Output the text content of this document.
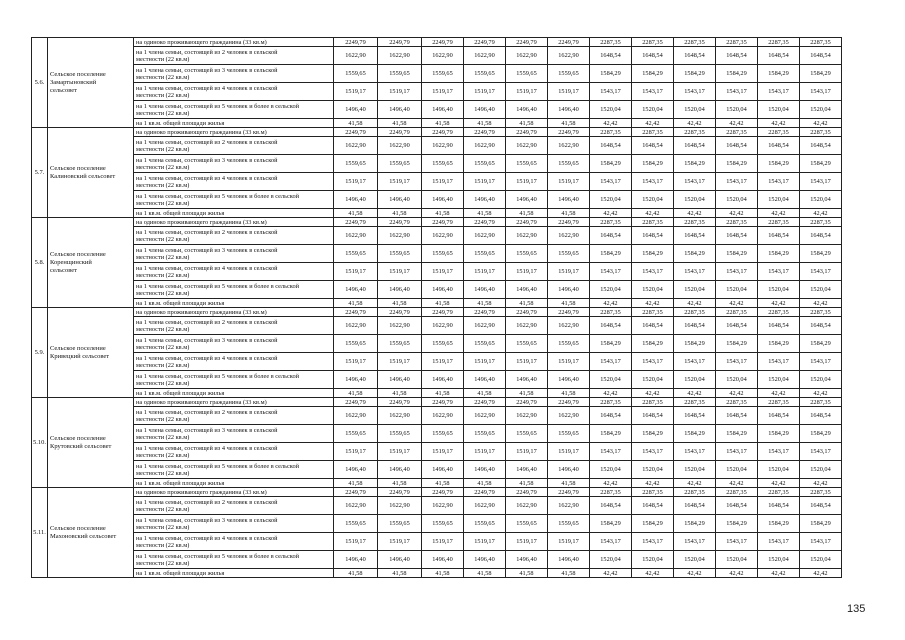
5.6.	Сельское поселение
Замартыновский
сельсовет	на одиноко проживающего гражданина (33 кв.м)	2249,79	2249,79	2249,79	2249,79	2249,79	2249,79	2287,35	2287,35	2287,35	2287,35	2287,35	2287,35

		на 1 члена семьи, состоящей из 2 человек в сельской
местности (22 кв.м)	1622,90	1622,90	1622,90	1622,90	1622,90	1622,90	1648,54	1648,54	1648,54	1648,54	1648,54	1648,54

		на 1 члена семьи, состоящей из 3 человек в сельской
местности (22 кв.м)	1559,65	1559,65	1559,65	1559,65	1559,65	1559,65	1584,29	1584,29	1584,29	1584,29	1584,29	1584,29

		на 1 члена семьи, состоящей из 4 человек в сельской
местности (22 кв.м)	1519,17	1519,17	1519,17	1519,17	1519,17	1519,17	1543,17	1543,17	1543,17	1543,17	1543,17	1543,17

		на 1 члена семьи, состоящей из 5 человек и более в сельской
местности (22 кв.м)	1496,40	1496,40	1496,40	1496,40	1496,40	1496,40	1520,04	1520,04	1520,04	1520,04	1520,04	1520,04

		на 1 кв.м. общей площади жилья	41,58	41,58	41,58	41,58	41,58	41,58	42,42	42,42	42,42	42,42	42,42	42,42
5.7.	Сельское поселение
Калиновский сельсовет	на одиноко проживающего гражданина (33 кв.м)	2249,79	2249,79	2249,79	2249,79	2249,79	2249,79	2287,35	2287,35	2287,35	2287,35	2287,35	2287,35

		на 1 члена семьи, состоящей из 2 человек в сельской
местности (22 кв.м)	1622,90	1622,90	1622,90	1622,90	1622,90	1622,90	1648,54	1648,54	1648,54	1648,54	1648,54	1648,54

		на 1 члена семьи, состоящей из 3 человек в сельской
местности (22 кв.м)	1559,65	1559,65	1559,65	1559,65	1559,65	1559,65	1584,29	1584,29	1584,29	1584,29	1584,29	1584,29

		на 1 члена семьи, состоящей из 4 человек в сельской
местности (22 кв.м)	1519,17	1519,17	1519,17	1519,17	1519,17	1519,17	1543,17	1543,17	1543,17	1543,17	1543,17	1543,17

		на 1 члена семьи, состоящей из 5 человек и более в сельской
местности (22 кв.м)	1496,40	1496,40	1496,40	1496,40	1496,40	1496,40	1520,04	1520,04	1520,04	1520,04	1520,04	1520,04

		на 1 кв.м. общей площади жилья	41,58	41,58	41,58	41,58	41,58	41,58	42,42	42,42	42,42	42,42	42,42	42,42
5.8.	Сельское поселение
Коренщинский
сельсовет	на одиноко проживающего гражданина (33 кв.м)	2249,79	2249,79	2249,79	2249,79	2249,79	2249,79	2287,35	2287,35	2287,35	2287,35	2287,35	2287,35

		на 1 члена семьи, состоящей из 2 человек в сельской
местности (22 кв.м)	1622,90	1622,90	1622,90	1622,90	1622,90	1622,90	1648,54	1648,54	1648,54	1648,54	1648,54	1648,54

		на 1 члена семьи, состоящей из 3 человек в сельской
местности (22 кв.м)	1559,65	1559,65	1559,65	1559,65	1559,65	1559,65	1584,29	1584,29	1584,29	1584,29	1584,29	1584,29

		на 1 члена семьи, состоящей из 4 человек в сельской
местности (22 кв.м)	1519,17	1519,17	1519,17	1519,17	1519,17	1519,17	1543,17	1543,17	1543,17	1543,17	1543,17	1543,17

		на 1 члена семьи, состоящей из 5 человек и более в сельской
местности (22 кв.м)	1496,40	1496,40	1496,40	1496,40	1496,40	1496,40	1520,04	1520,04	1520,04	1520,04	1520,04	1520,04

		на 1 кв.м. общей площади жилья	41,58	41,58	41,58	41,58	41,58	41,58	42,42	42,42	42,42	42,42	42,42	42,42
5.9.	Сельское поселение
Кривецкий сельсовет	на одиноко проживающего гражданина (33 кв.м)	2249,79	2249,79	2249,79	2249,79	2249,79	2249,79	2287,35	2287,35	2287,35	2287,35	2287,35	2287,35

		на 1 члена семьи, состоящей из 2 человек в сельской
местности (22 кв.м)	1622,90	1622,90	1622,90	1622,90	1622,90	1622,90	1648,54	1648,54	1648,54	1648,54	1648,54	1648,54

		на 1 члена семьи, состоящей из 3 человек в сельской
местности (22 кв.м)	1559,65	1559,65	1559,65	1559,65	1559,65	1559,65	1584,29	1584,29	1584,29	1584,29	1584,29	1584,29

		на 1 члена семьи, состоящей из 4 человек в сельской
местности (22 кв.м)	1519,17	1519,17	1519,17	1519,17	1519,17	1519,17	1543,17	1543,17	1543,17	1543,17	1543,17	1543,17

		на 1 члена семьи, состоящей из 5 человек и более в сельской
местности (22 кв.м)	1496,40	1496,40	1496,40	1496,40	1496,40	1496,40	1520,04	1520,04	1520,04	1520,04	1520,04	1520,04

		на 1 кв.м. общей площади жилья	41,58	41,58	41,58	41,58	41,58	41,58	42,42	42,42	42,42	42,42	42,42	42,42
5.10.	Сельское поселение
Крутовский сельсовет	на одиноко проживающего гражданина (33 кв.м)	2249,79	2249,79	2249,79	2249,79	2249,79	2249,79	2287,35	2287,35	2287,35	2287,35	2287,35	2287,35

		на 1 члена семьи, состоящей из 2 человек в сельской
местности (22 кв.м)	1622,90	1622,90	1622,90	1622,90	1622,90	1622,90	1648,54	1648,54	1648,54	1648,54	1648,54	1648,54

		на 1 члена семьи, состоящей из 3 человек в сельской
местности (22 кв.м)	1559,65	1559,65	1559,65	1559,65	1559,65	1559,65	1584,29	1584,29	1584,29	1584,29	1584,29	1584,29

		на 1 члена семьи, состоящей из 4 человек в сельской
местности (22 кв.м)	1519,17	1519,17	1519,17	1519,17	1519,17	1519,17	1543,17	1543,17	1543,17	1543,17	1543,17	1543,17

		на 1 члена семьи, состоящей из 5 человек и более в сельской
местности (22 кв.м)	1496,40	1496,40	1496,40	1496,40	1496,40	1496,40	1520,04	1520,04	1520,04	1520,04	1520,04	1520,04

		на 1 кв.м. общей площади жилья	41,58	41,58	41,58	41,58	41,58	41,58	42,42	42,42	42,42	42,42	42,42	42,42
5.11.	Сельское поселение
Махоновский сельсовет	на одиноко проживающего гражданина (33 кв.м)	2249,79	2249,79	2249,79	2249,79	2249,79	2249,79	2287,35	2287,35	2287,35	2287,35	2287,35	2287,35

		на 1 члена семьи, состоящей из 2 человек в сельской
местности (22 кв.м)	1622,90	1622,90	1622,90	1622,90	1622,90	1622,90	1648,54	1648,54	1648,54	1648,54	1648,54	1648,54

		на 1 члена семьи, состоящей из 3 человек в сельской
местности (22 кв.м)	1559,65	1559,65	1559,65	1559,65	1559,65	1559,65	1584,29	1584,29	1584,29	1584,29	1584,29	1584,29

		на 1 члена семьи, состоящей из 4 человек в сельской
местности (22 кв.м)	1519,17	1519,17	1519,17	1519,17	1519,17	1519,17	1543,17	1543,17	1543,17	1543,17	1543,17	1543,17

		на 1 члена семьи, состоящей из 5 человек и более в сельской
местности (22 кв.м)	1496,40	1496,40	1496,40	1496,40	1496,40	1496,40	1520,04	1520,04	1520,04	1520,04	1520,04	1520,04

		на 1 кв.м. общей площади жилья	41,58	41,58	41,58	41,58	41,58	41,58	42,42	42,42	42,42	42,42	42,42	42,42
135
